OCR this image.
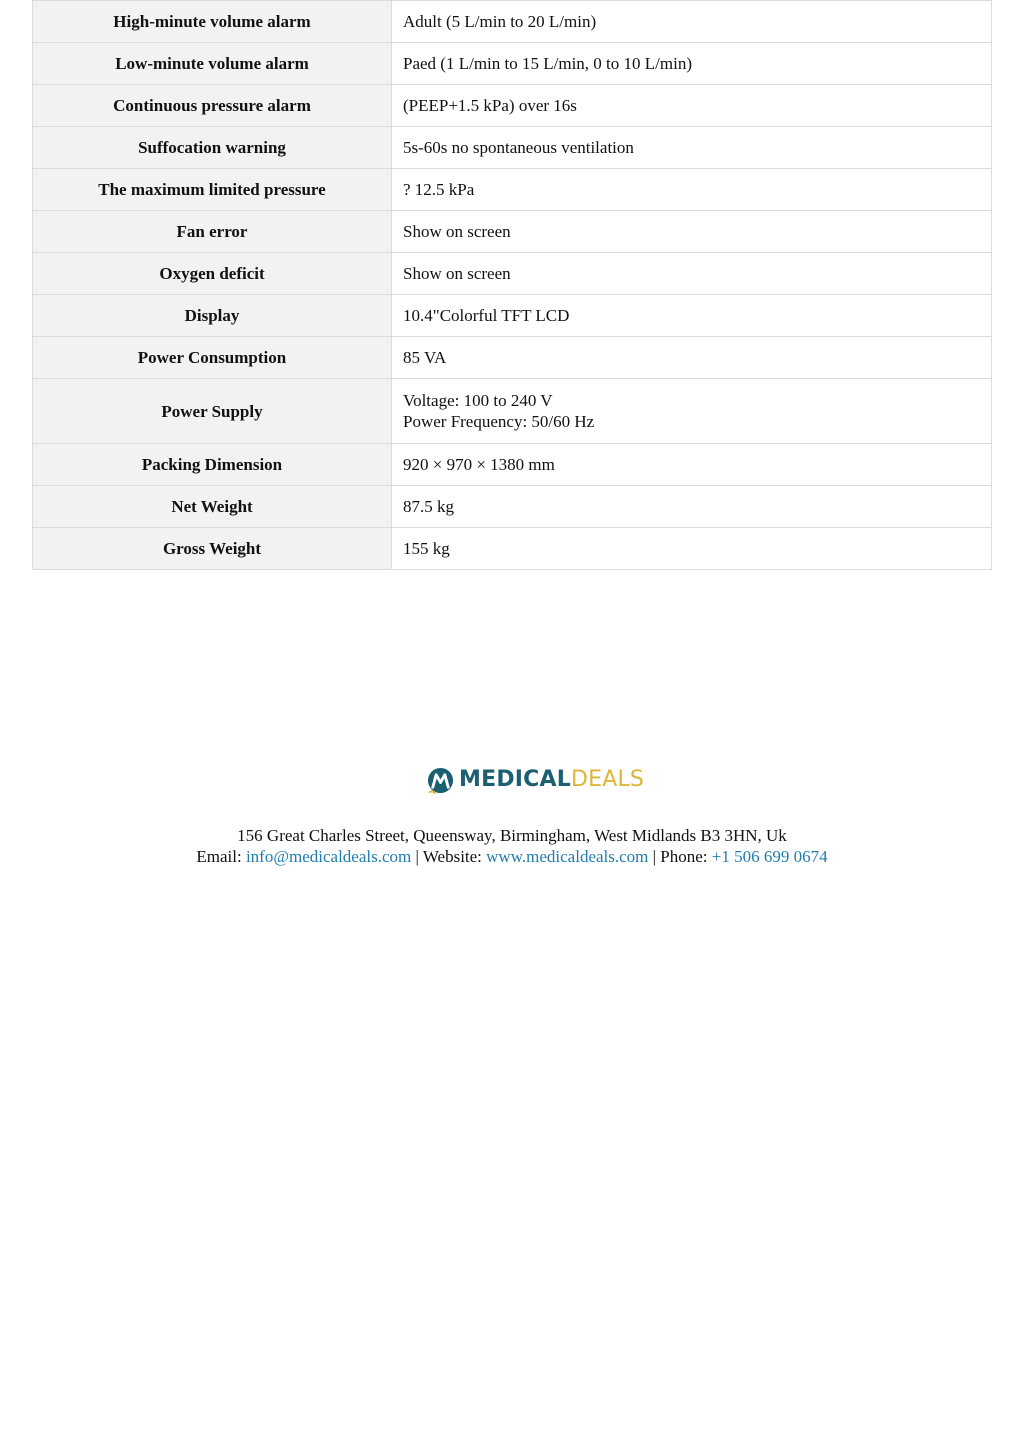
High-minute volume alarm	Adult (5 L/min to 20 L/min)

Low-minute volume alarm	Paed (1 L/min to 15 L/min, 0 to 10 L/min)

Continuous pressure alarm	(PEEP+1.5 kPa) over 16s

Suffocation warning	5s-60s no spontaneous ventilation

The maximum limited pressure	? 12.5 kPa

Fan error	Show on screen

Oxygen deficit	Show on screen

Display	10.4"Colorful TFT LCD

Power Consumption	85 VA

Power Supply	Voltage: 100 to 240 V
Power Frequency: 50/60 Hz

Packing Dimension	920 × 970 × 1380 mm

Net Weight	87.5 kg

Gross Weight	155 kg
MEDICALDEALS
156 Great Charles Street, Queensway, Birmingham, West Midlands B3 3HN, Uk
Email: info@medicaldeals.com | Website: www.medicaldeals.com | Phone: +1 506 699 0674
